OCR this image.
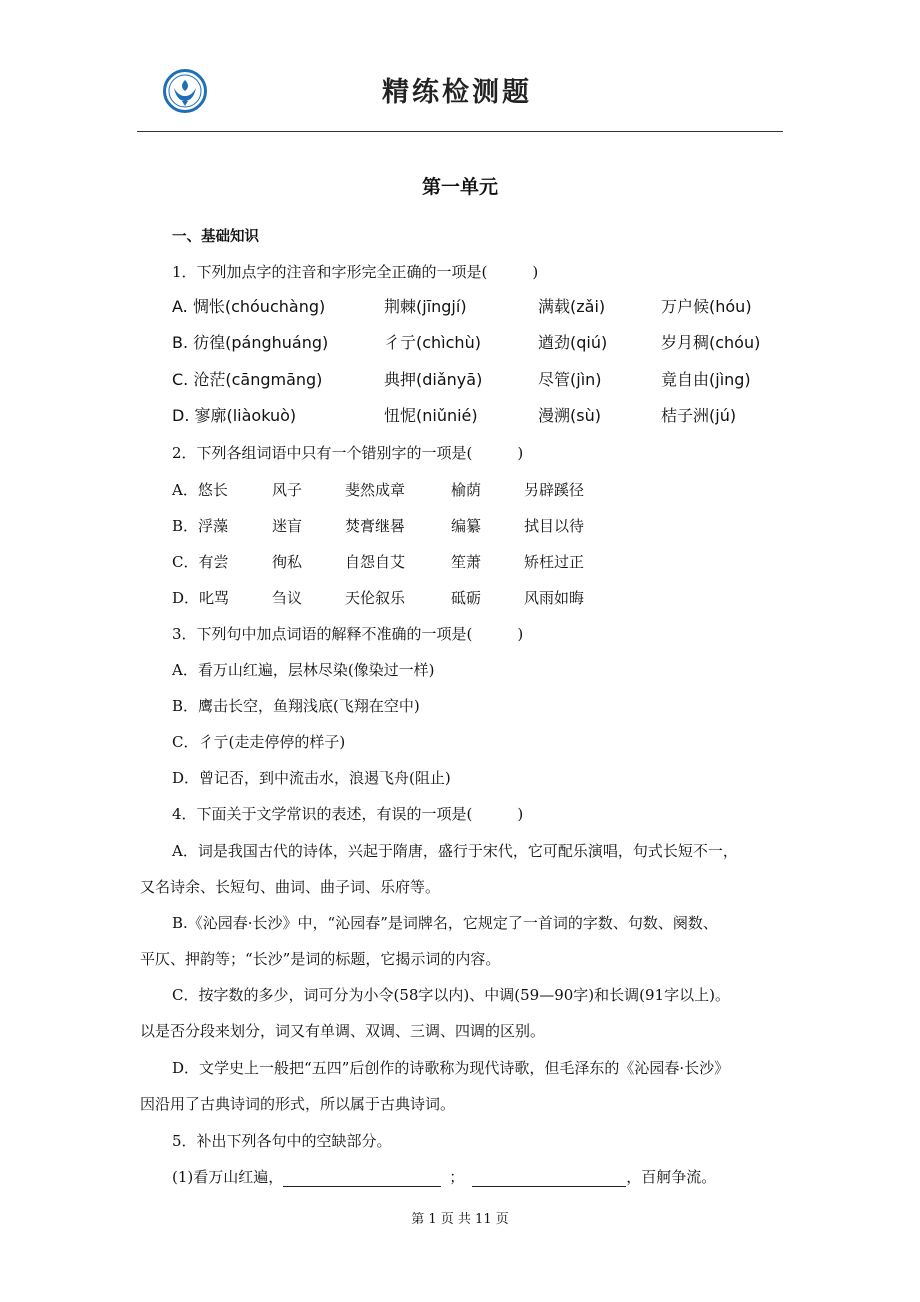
精练检测题
第一单元
一、基础知识
1．下列加点字的注音和字形完全正确的一项是(　　　)
A. 惆怅(chóuchàng)	荆棘(jīngjí)	满载(zǎi)	万户候(hóu)
B. 彷徨(pánghuáng)	彳亍(chìchù)	遒劲(qiú)	岁月稠(chóu)
C. 沧茫(cāngmāng)	典押(diǎnyā)	尽管(jìn)	竟自由(jìng)
D. 寥廓(liàokuò)	忸怩(niǔnié)	漫溯(sù)	桔子洲(jú)
2．下列各组词语中只有一个错别字的一项是(　　　)
A．悠长	风子	斐然成章	榆荫	另辟蹊径
B．浮藻	迷盲	焚膏继晷	编纂	拭目以待
C．有尝	徇私	自怨自艾	笙萧	矫枉过正
D．叱骂	刍议	天伦叙乐	砥砺	风雨如晦
3．下列句中加点词语的解释不准确的一项是(　　　)
A．看万山红遍，层林尽染(像染过一样)
B．鹰击长空，鱼翔浅底(飞翔在空中)
C．彳亍(走走停停的样子)
D．曾记否，到中流击水，浪遏飞舟(阻止)
4．下面关于文学常识的表述，有误的一项是(　　　)
A．词是我国古代的诗体，兴起于隋唐，盛行于宋代，它可配乐演唱，句式长短不一，
又名诗余、长短句、曲词、曲子词、乐府等。
B.《沁园春·长沙》中，“沁园春”是词牌名，它规定了一首词的字数、句数、阕数、
平仄、押韵等；“长沙”是词的标题，它揭示词的内容。
C．按字数的多少，词可分为小令(58字以内)、中调(59—90字)和长调(91字以上)。
以是否分段来划分，词又有单调、双调、三调、四调的区别。
D．文学史上一般把“五四”后创作的诗歌称为现代诗歌，但毛泽东的《沁园春·长沙》
因沿用了古典诗词的形式，所以属于古典诗词。
5．补出下列各句中的空缺部分。
(1)看万山红遍，	；	，百舸争流。
第 1 页 共 11 页
